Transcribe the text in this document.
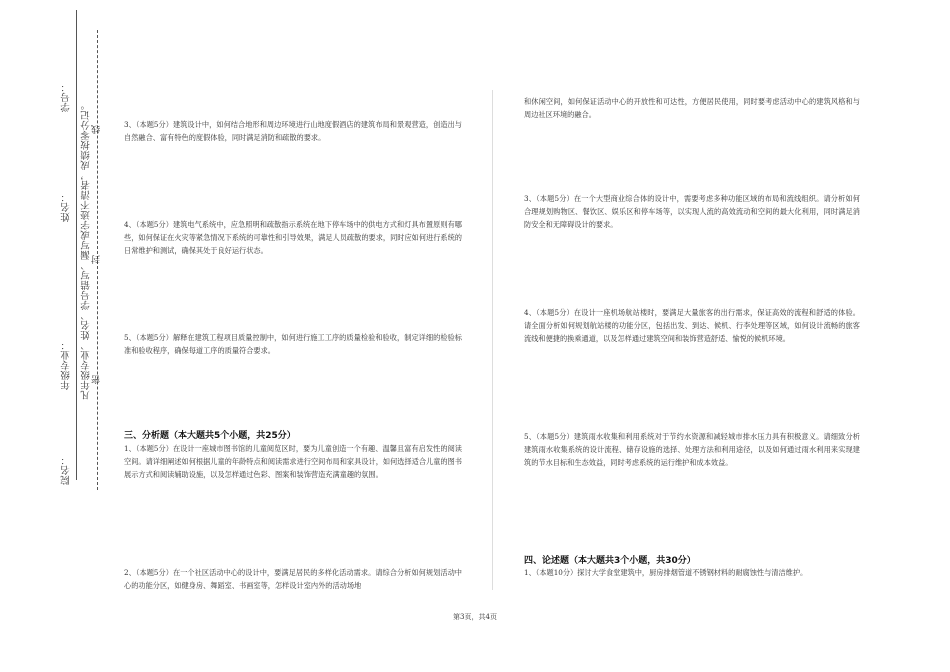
学号：
姓名：
年级专业：
院名：
凡年级专业、姓名、学号错写、漏写或字迹不清者，成绩按零分记。 线
封
密
3、（本题5分）建筑设计中，如何结合地形和周边环境进行山地度假酒店的建筑布局和景观营造，创造出与自然融合、富有特色的度假体验，同时满足消防和疏散的要求。
4、（本题5分）建筑电气系统中，应急照明和疏散指示系统在地下停车场中的供电方式和灯具布置原则有哪些，如何保证在火灾等紧急情况下系统的可靠性和引导效果，满足人员疏散的要求，同时应如何进行系统的日常维护和测试，确保其处于良好运行状态。
5、（本题5分）解释在建筑工程项目质量控制中，如何进行施工工序的质量检验和验收，制定详细的检验标准和验收程序，确保每道工序的质量符合要求。
三、分析题（本大题共5个小题，共25分）
1、（本题5分）在设计一座城市图书馆的儿童阅览区时，要为儿童创造一个有趣、温馨且富有启发性的阅读空间。请详细阐述如何根据儿童的年龄特点和阅读需求进行空间布局和家具设计，如何选择适合儿童的图书展示方式和阅读辅助设施，以及怎样通过色彩、图案和装饰营造充满童趣的氛围。
2、（本题5分）在一个社区活动中心的设计中，要满足居民的多样化活动需求。请综合分析如何规划活动中心的功能分区，如健身房、舞蹈室、书画室等，怎样设计室内外的活动场地
和休闲空间，如何保证活动中心的开放性和可达性，方便居民使用，同时要考虑活动中心的建筑风格和与周边社区环境的融合。
3、（本题5分）在一个大型商业综合体的设计中，需要考虑多种功能区域的布局和流线组织。请分析如何合理规划购物区、餐饮区、娱乐区和停车场等，以实现人流的高效流动和空间的最大化利用，同时满足消防安全和无障碍设计的要求。
4、（本题5分）在设计一座机场航站楼时，要满足大量旅客的出行需求，保证高效的流程和舒适的体验。请全面分析如何规划航站楼的功能分区，包括出发、到达、候机、行李处理等区域，如何设计流畅的旅客流线和便捷的换乘通道，以及怎样通过建筑空间和装饰营造舒适、愉悦的候机环境。
5、（本题5分）建筑雨水收集和利用系统对于节约水资源和减轻城市排水压力具有积极意义。请细致分析建筑雨水收集系统的设计流程、储存设施的选择、处理方法和利用途径，以及如何通过雨水利用来实现建筑的节水目标和生态效益，同时考虑系统的运行维护和成本效益。
四、论述题（本大题共3个小题，共30分）
1、（本题10分）探讨大学食堂建筑中，厨房排烟管道不锈钢材料的耐腐蚀性与清洁维护。
第3页，共4页
